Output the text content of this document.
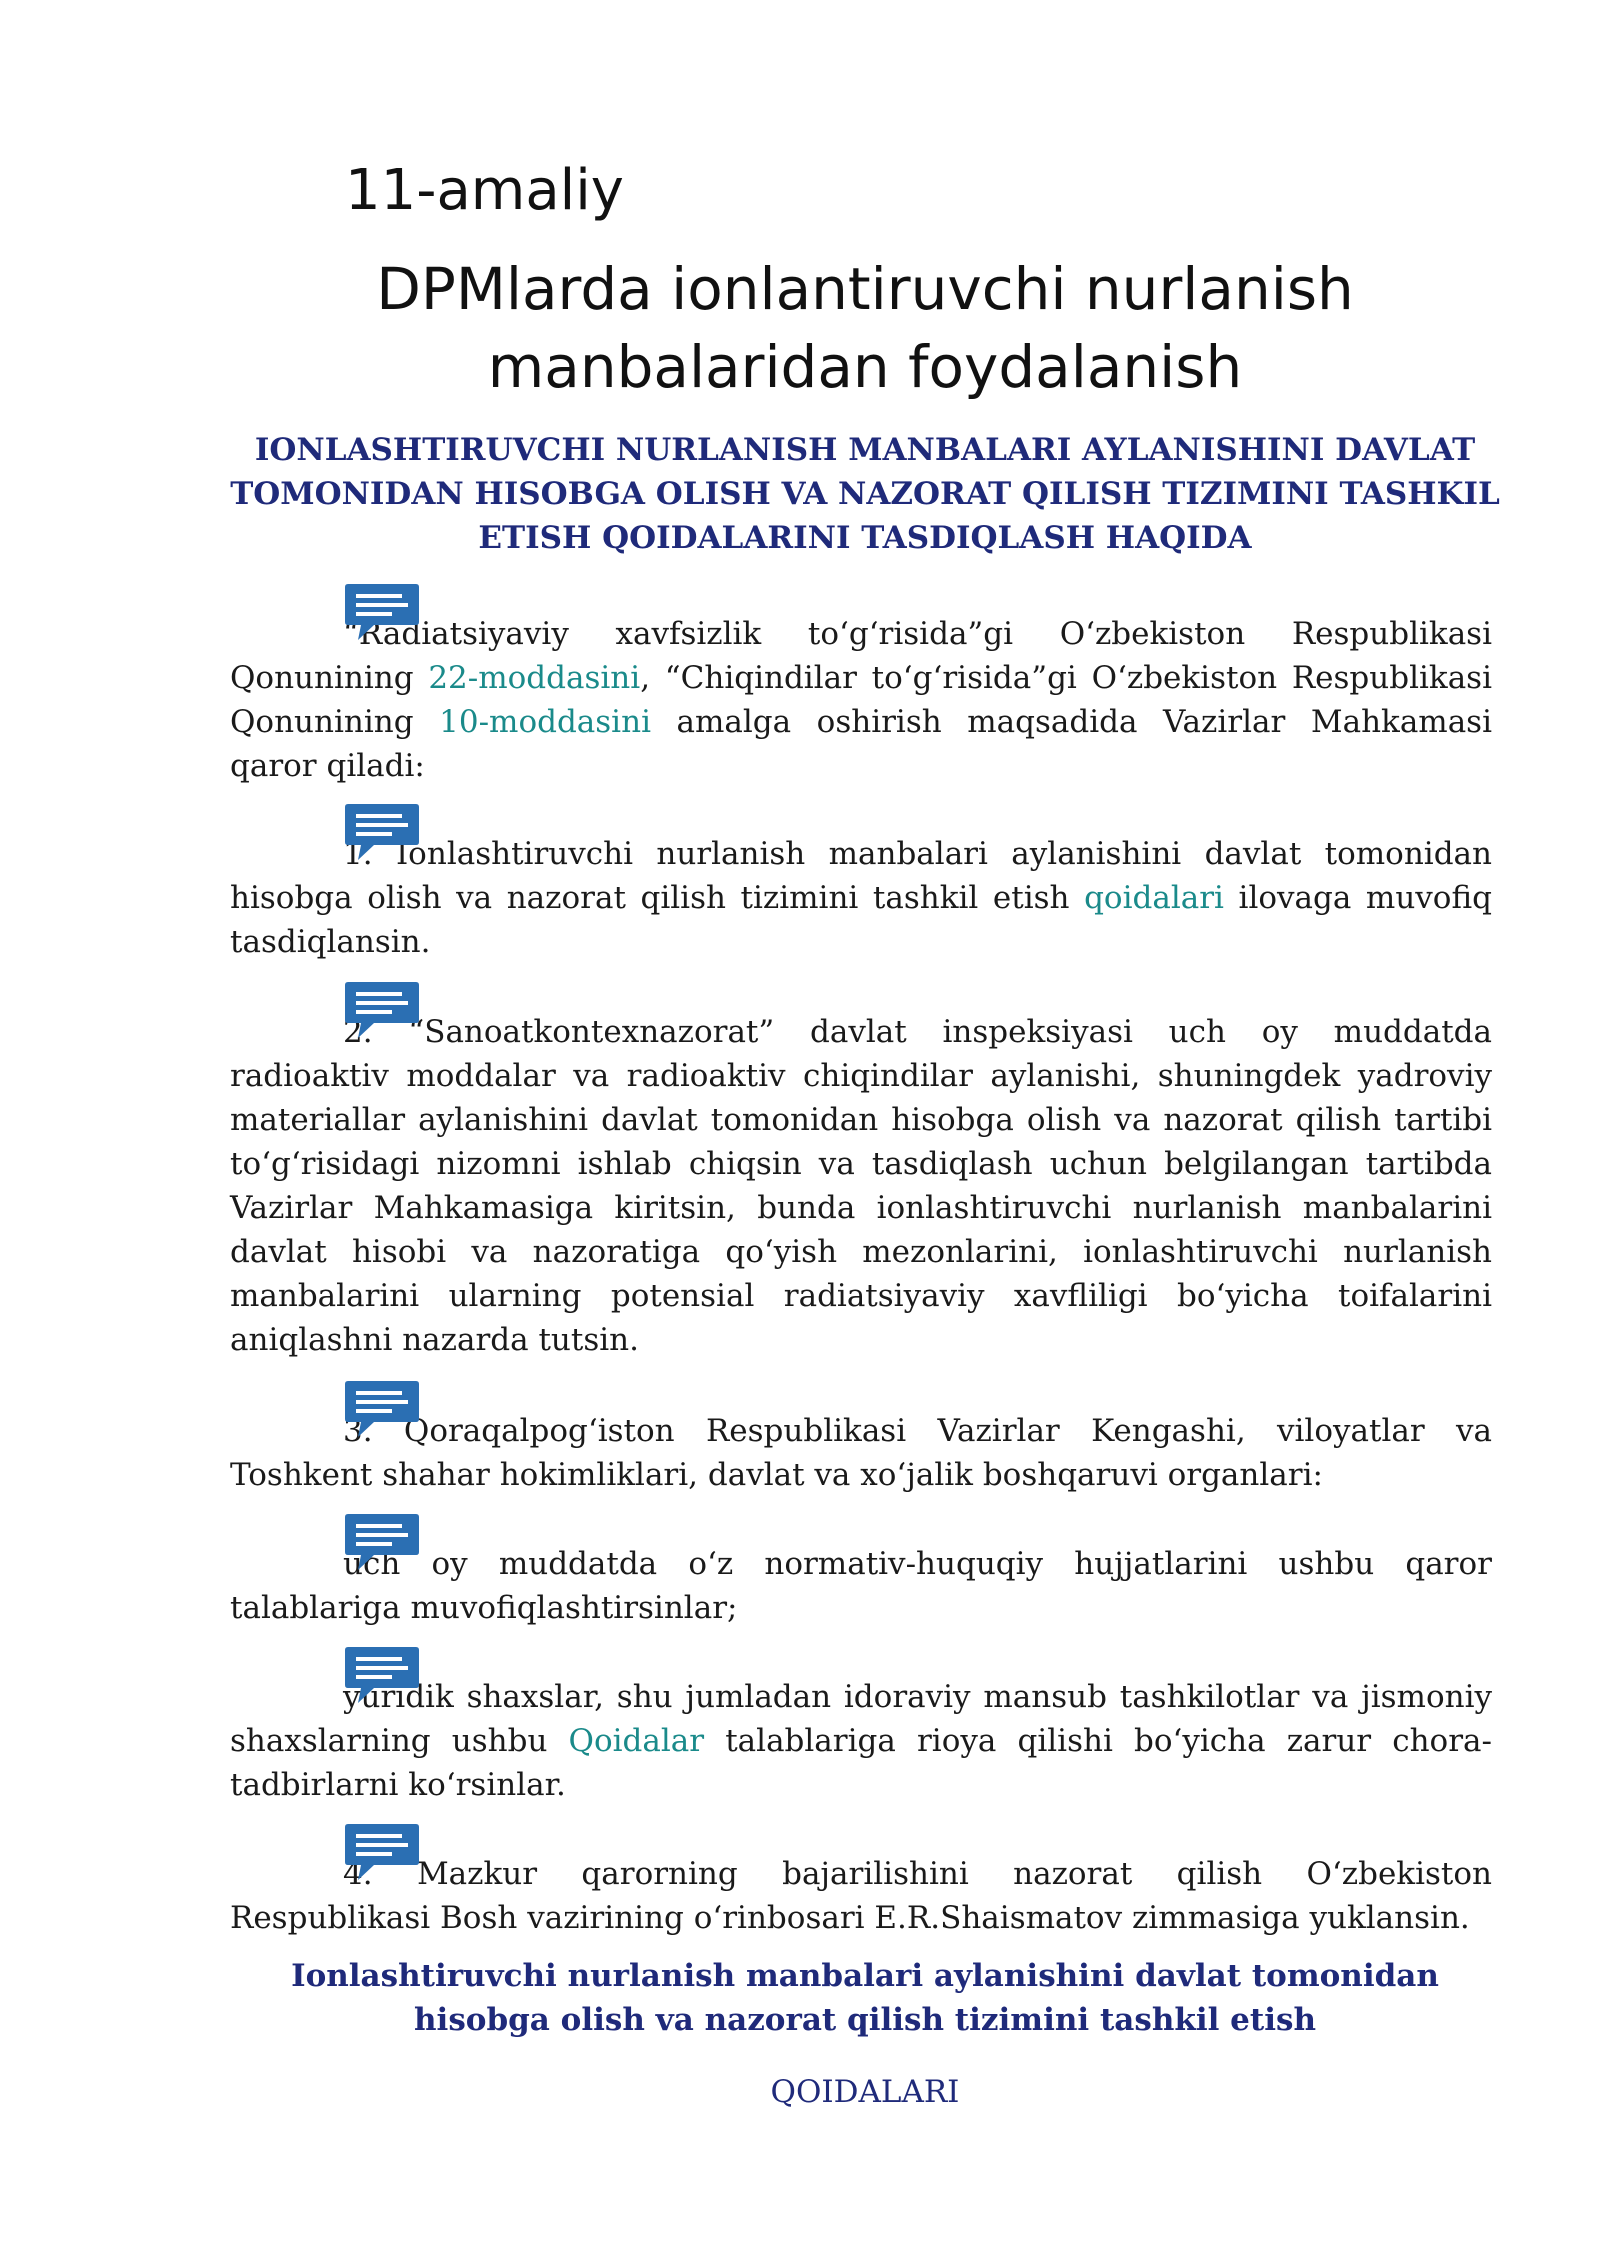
11-amaliy
DPMlarda ionlantiruvchi nurlanish
manbalaridan foydalanish
IONLASHTIRUVCHI NURLANISH MANBALARI AYLANISHINI DAVLAT TOMONIDAN HISOBGA OLISH VA NAZORAT QILISH TIZIMINI TASHKIL ETISH QOIDALARINI TASDIQLASH HAQIDA
“Radiatsiyaviy xavfsizlik to‘g‘risida”gi O‘zbekiston Respublikasi Qonunining 22-moddasini, “Chiqindilar to‘g‘risida”gi O‘zbekiston Respublikasi Qonunining 10-moddasini amalga oshirish maqsadida Vazirlar Mahkamasi qaror qiladi:
1. Ionlashtiruvchi nurlanish manbalari aylanishini davlat tomonidan hisobga olish va nazorat qilish tizimini tashkil etish qoidalari ilovaga muvofiq tasdiqlansin.
2. “Sanoatkontexnazorat” davlat inspeksiyasi uch oy muddatda radioaktiv moddalar va radioaktiv chiqindilar aylanishi, shuningdek yadroviy materiallar aylanishini davlat tomonidan hisobga olish va nazorat qilish tartibi to‘g‘risidagi nizomni ishlab chiqsin va tasdiqlash uchun belgilangan tartibda Vazirlar Mahkamasiga kiritsin, bunda ionlashtiruvchi nurlanish manbalarini davlat hisobi va nazoratiga qo‘yish mezonlarini, ionlashtiruvchi nurlanish manbalarini ularning potensial radiatsiyaviy xavfliligi bo‘yicha toifalarini aniqlashni nazarda tutsin.
3. Qoraqalpog‘iston Respublikasi Vazirlar Kengashi, viloyatlar va Toshkent shahar hokimliklari, davlat va xo‘jalik boshqaruvi organlari:
uch oy muddatda o‘z normativ-huquqiy hujjatlarini ushbu qaror talablariga muvofiqlashtirsinlar;
yuridik shaxslar, shu jumladan idoraviy mansub tashkilotlar va jismoniy shaxslarning ushbu Qoidalar talablariga rioya qilishi bo‘yicha zarur chora-tadbirlarni ko‘rsinlar.
4. Mazkur qarorning bajarilishini nazorat qilish O‘zbekiston Respublikasi Bosh vazirining o‘rinbosari E.R.Shaismatov zimmasiga yuklansin.
Ionlashtiruvchi nurlanish manbalari aylanishini davlat tomonidan hisobga olish va nazorat qilish tizimini tashkil etish
QOIDALARI
